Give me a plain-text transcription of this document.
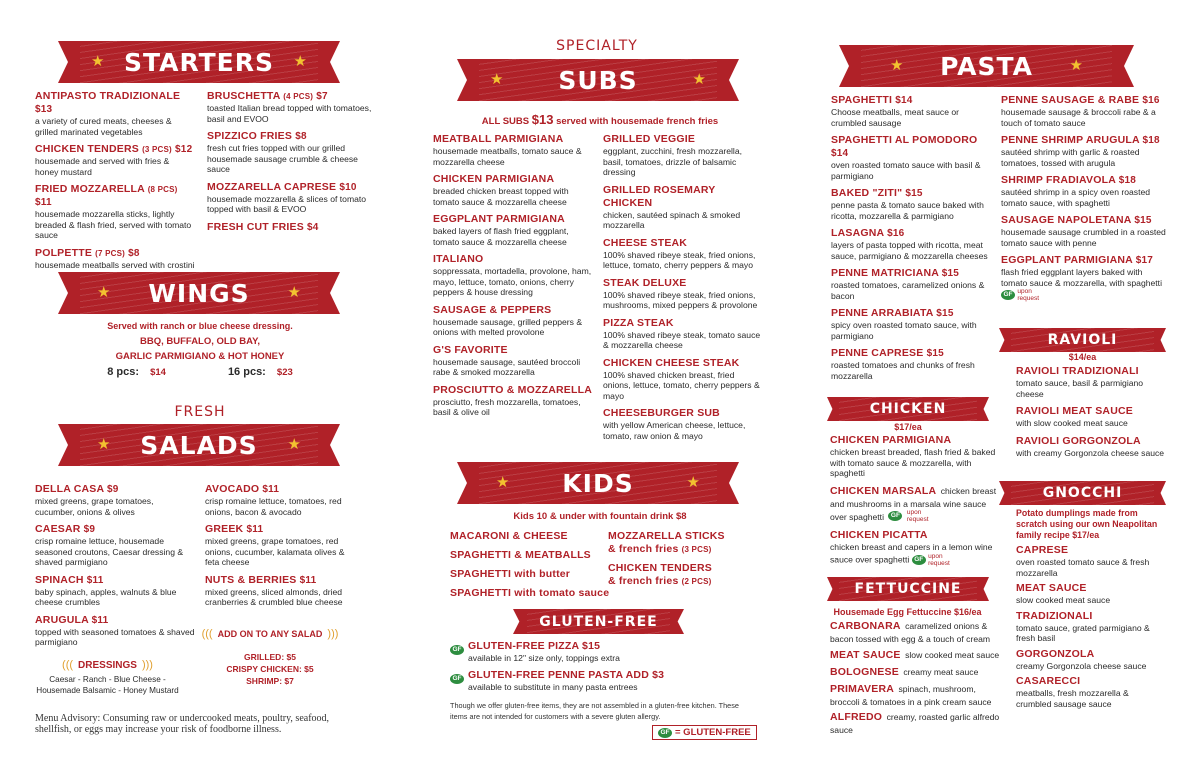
★ STARTERS ★
ANTIPASTO TRADIZIONALE $13
a variety of cured meats, cheeses & grilled marinated vegetables
CHICKEN TENDERS (3 PCS) $12
housemade and served with fries & honey mustard
FRIED MOZZARELLA (8 PCS) $11
housemade mozzarella sticks, lightly breaded & flash fried, served with tomato sauce
POLPETTE (7 PCS) $8
housemade meatballs served with crostini
BRUSCHETTA (4 PCS) $7
toasted Italian bread topped with tomatoes, basil and EVOO
SPIZZICO FRIES $8
fresh cut fries topped with our grilled housemade sausage crumble & cheese sauce
MOZZARELLA CAPRESE $10
housemade mozzarella & slices of tomato topped with basil & EVOO
FRESH CUT FRIES $4
★ WINGS	★
Served with ranch or blue cheese dressing.
BBQ, BUFFALO, OLD BAY,
GARLIC PARMIGIANO & HOT HONEY
8 pcs: $14	16 pcs: $23
FRESH
★ SALADS ★
DELLA CASA $9
mixed greens, grape tomatoes, cucumber, onions & olives
CAESAR $9
crisp romaine lettuce, housemade seasoned croutons, Caesar dressing & shaved parmigiano
SPINACH $11
baby spinach, apples, walnuts & blue cheese crumbles
ARUGULA $11
topped with seasoned tomatoes & shaved parmigiano
AVOCADO $11
crisp romaine lettuce, tomatoes, red onions, bacon & avocado
GREEK $11
mixed greens, grape tomatoes, red onions, cucumber, kalamata olives & feta cheese
NUTS & BERRIES $11
mixed greens, sliced almonds, dried cranberries & crumbled blue cheese
((( ADD ON TO ANY SALAD )))
GRILLED: $5
CRISPY CHICKEN: $5
SHRIMP: $7
((( DRESSINGS )))
Caesar - Ranch - Blue Cheese - Housemade Balsamic - Honey Mustard
Menu Advisory: Consuming raw or undercooked meats, poultry, seafood, shellfish, or eggs may increase your risk of foodborne illness.
SPECIALTY
★ SUBS	★
ALL SUBS $13 served with housemade french fries
MEATBALL PARMIGIANA
housemade meatballs, tomato sauce & mozzarella cheese
CHICKEN PARMIGIANA
breaded chicken breast topped with tomato sauce & mozzarella cheese
EGGPLANT PARMIGIANA
baked layers of flash fried eggplant, tomato sauce & mozzarella cheese
ITALIANO
soppressata, mortadella, provolone, ham, mayo, lettuce, tomato, onions, cherry peppers & house dressing
SAUSAGE & PEPPERS
housemade sausage, grilled peppers & onions with melted provolone
G'S FAVORITE
housemade sausage, sautéed broccoli rabe & smoked mozzarella
PROSCIUTTO & MOZZARELLA
prosciutto, fresh mozzarella, tomatoes, basil & olive oil
GRILLED VEGGIE
eggplant, zucchini, fresh mozzarella, basil, tomatoes, drizzle of balsamic dressing
GRILLED ROSEMARY CHICKEN
chicken, sautéed spinach & smoked mozzarella
CHEESE STEAK
100% shaved ribeye steak, fried onions, lettuce, tomato, cherry peppers & mayo
STEAK DELUXE
100% shaved ribeye steak, fried onions, mushrooms, mixed peppers & provolone
PIZZA STEAK
100% shaved ribeye steak, tomato sauce & mozzarella cheese
CHICKEN CHEESE STEAK
100% shaved chicken breast, fried onions, lettuce, tomato, cherry peppers & mayo
CHEESEBURGER SUB
with yellow American cheese, lettuce, tomato, raw onion & mayo
★ KIDS	★
Kids 10 & under with fountain drink $8
MACARONI & CHEESE
SPAGHETTI & MEATBALLS
SPAGHETTI with butter
SPAGHETTI with tomato sauce
MOZZARELLA STICKS
& french fries (3 PCS)
CHICKEN TENDERS
& french fries (2 PCS)
GLUTEN-FREE
GF GLUTEN-FREE PIZZA $15
available in 12" size only, toppings extra
GF GLUTEN-FREE PENNE PASTA ADD $3
available to substitute in many pasta entrees
Though we offer gluten-free items, they are not assembled in a gluten-free kitchen. These items are not intended for customers with a severe gluten allergy.
GF = GLUTEN-FREE
★ PASTA ★
SPAGHETTI $14
Choose meatballs, meat sauce or crumbled sausage
SPAGHETTI AL POMODORO $14
oven roasted tomato sauce with basil & parmigiano
BAKED "ZITI" $15
penne pasta & tomato sauce baked with ricotta, mozzarella & parmigiano
LASAGNA $16
layers of pasta topped with ricotta, meat sauce, parmigiano & mozzarella cheeses
PENNE MATRICIANA $15
roasted tomatoes, caramelized onions & bacon
PENNE ARRABIATA $15
spicy oven roasted tomato sauce, with parmigiano
PENNE CAPRESE $15
roasted tomatoes and chunks of fresh mozzarella
PENNE SAUSAGE & RABE $16
housemade sausage & broccoli rabe & a touch of tomato sauce
PENNE SHRIMP ARUGULA $18
sautéed shrimp with garlic & roasted tomatoes, tossed with arugula
SHRIMP FRADIAVOLA $18
sautéed shrimp in a spicy oven roasted tomato sauce, with spaghetti
SAUSAGE NAPOLETANA $15
housemade sausage crumbled in a roasted tomato sauce with penne
EGGPLANT PARMIGIANA $17
flash fried eggplant layers baked with tomato sauce & mozzarella, with spaghetti GF upon
request
RAVIOLI
$14/ea
RAVIOLI TRADIZIONALI
tomato sauce, basil & parmigiano cheese
RAVIOLI MEAT SAUCE
with slow cooked meat sauce
RAVIOLI GORGONZOLA
with creamy Gorgonzola cheese sauce
CHICKEN
$17/ea
CHICKEN PARMIGIANA
chicken breast breaded, flash fried & baked with tomato sauce & mozzarella, with spaghetti
CHICKEN MARSALA chicken breast and mushrooms in a marsala wine sauce over spaghetti GF upon
request
CHICKEN PICATTA
chicken breast and capers in a lemon wine sauce over spaghetti GF upon
request
GNOCCHI
Potato dumplings made from scratch using our own Neapolitan family recipe $17/ea
CAPRESE
oven roasted tomato sauce & fresh mozzarella
MEAT SAUCE
slow cooked meat sauce
TRADIZIONALI
tomato sauce, grated parmigiano & fresh basil
GORGONZOLA
creamy Gorgonzola cheese sauce
CASARECCI
meatballs, fresh mozzarella & crumbled sausage sauce
FETTUCCINE
Housemade Egg Fettuccine $16/ea
CARBONARA caramelized onions & bacon tossed with egg & a touch of cream
MEAT SAUCE slow cooked meat sauce
BOLOGNESE creamy meat sauce
PRIMAVERA spinach, mushroom, broccoli & tomatoes in a pink cream sauce
ALFREDO creamy, roasted garlic alfredo sauce
